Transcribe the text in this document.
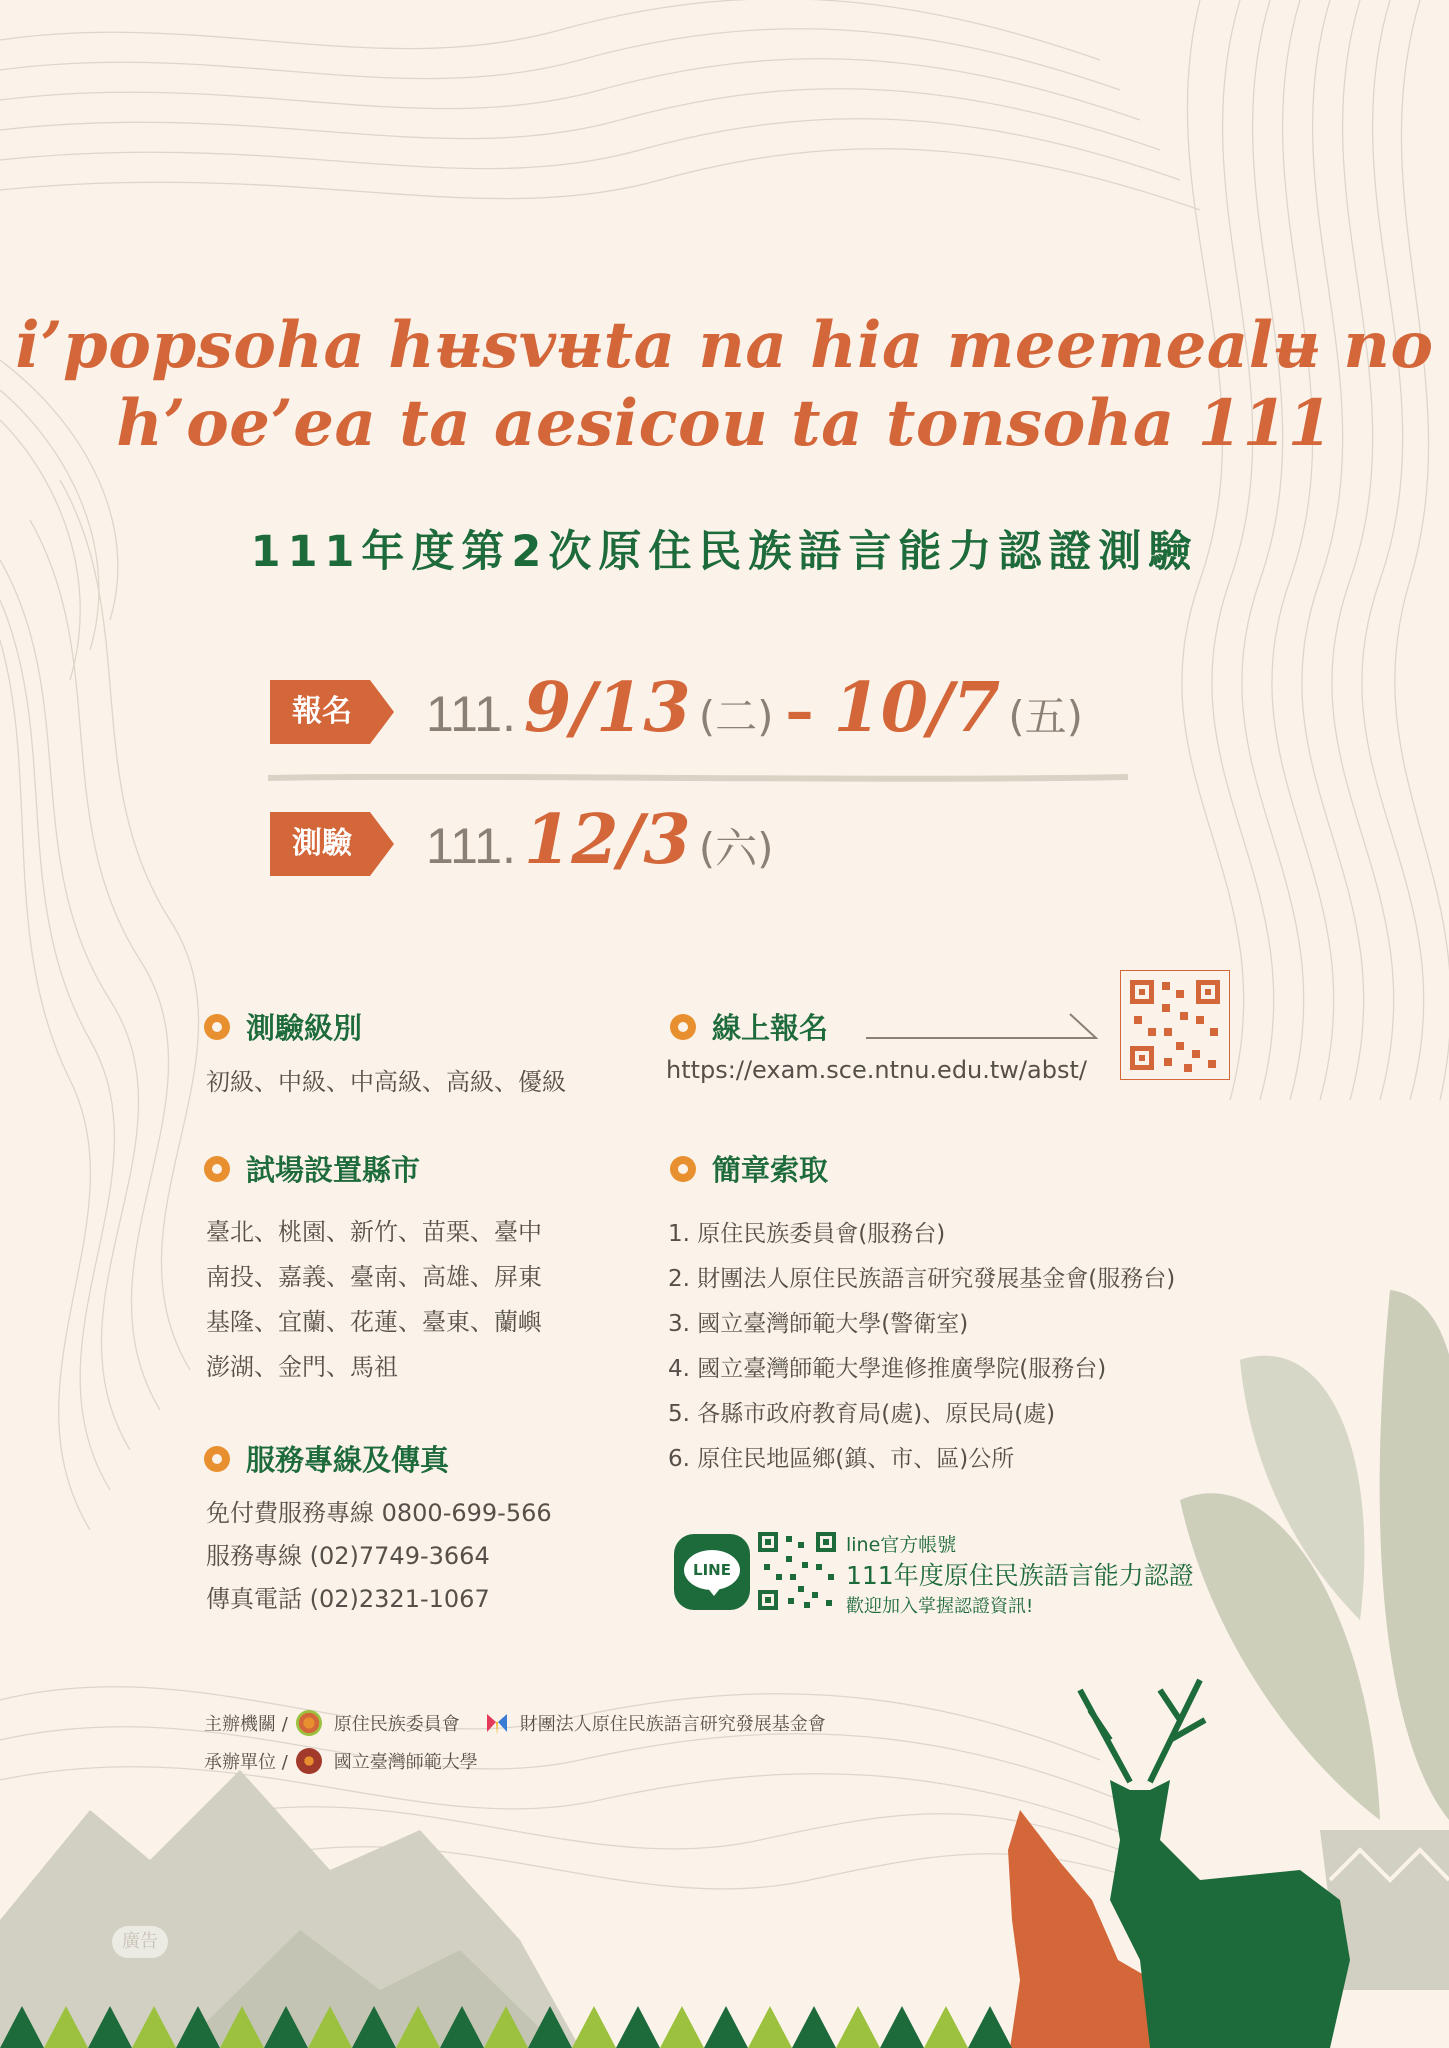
i’popsoha hʉsvʉta na hia meemealʉ no
h’oe’ea ta aesicou ta tonsoha 111
111年度第2次原住民族語言能力認證測驗
報名	111. 9/13 (二) – 10/7 (五)
測驗	111. 12/3 (六)
測驗級別
初級、中級、中高級、高級、優級
試場設置縣市
臺北、桃園、新竹、苗栗、臺中
南投、嘉義、臺南、高雄、屏東
基隆、宜蘭、花蓮、臺東、蘭嶼
澎湖、金門、馬祖
服務專線及傳真
免付費服務專線 0800-699-566
服務專線 (02)7749-3664
傳真電話 (02)2321-1067
線上報名
https://exam.sce.ntnu.edu.tw/abst/
簡章索取
1. 原住民族委員會(服務台)
2. 財團法人原住民族語言研究發展基金會(服務台)
3. 國立臺灣師範大學(警衛室)
4. 國立臺灣師範大學進修推廣學院(服務台)
5. 各縣市政府教育局(處)、原民局(處)
6. 原住民地區鄉(鎮、市、區)公所
LINE
line官方帳號
111年度原住民族語言能力認證
歡迎加入掌握認證資訊!
主辦機關 /	原住民族委員會	財團法人原住民族語言研究發展基金會
承辦單位 /	國立臺灣師範大學
廣告
